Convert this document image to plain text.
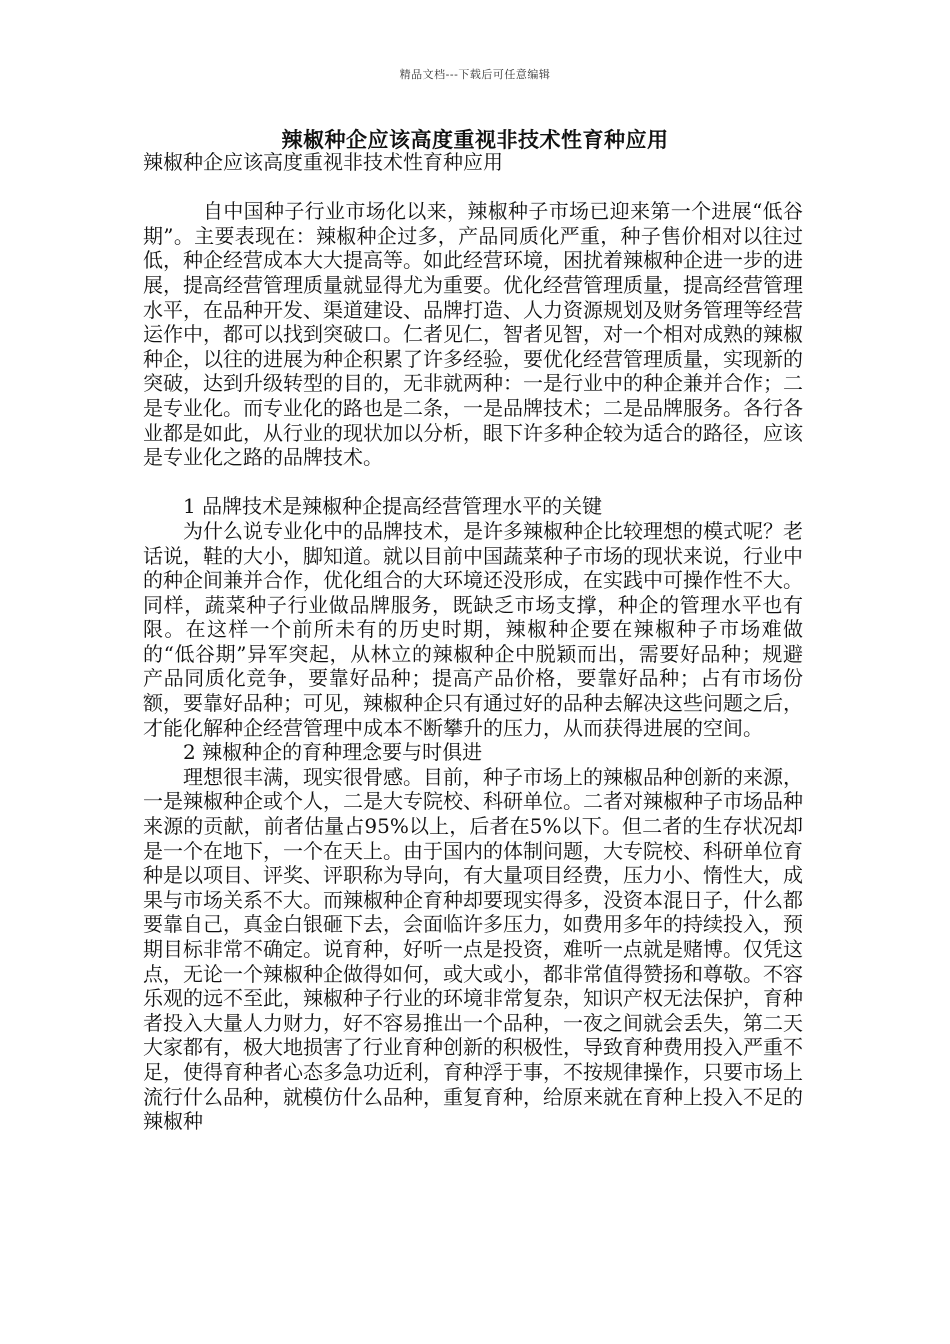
精品文档---下载后可任意编辑
辣椒种企应该高度重视非技术性育种应用

辣椒种企应该高度重视非技术性育种应用

自中国种子行业市场化以来，辣椒种子市场已迎来第一个进展“低谷期”。主要表现在：辣椒种企过多，产品同质化严重，种子售价相对以往过低，种企经营成本大大提高等。如此经营环境，困扰着辣椒种企进一步的进展，提高经营管理质量就显得尤为重要。优化经营管理质量，提高经营管理水平，在品种开发、渠道建设、品牌打造、人力资源规划及财务管理等经营运作中，都可以找到突破口。仁者见仁，智者见智，对一个相对成熟的辣椒种企，以往的进展为种企积累了许多经验，要优化经营管理质量，实现新的突破，达到升级转型的目的，无非就两种：一是行业中的种企兼并合作；二是专业化。而专业化的路也是二条，一是品牌技术；二是品牌服务。各行各业都是如此，从行业的现状加以分析，眼下许多种企较为适合的路径，应该是专业化之路的品牌技术。

1 品牌技术是辣椒种企提高经营管理水平的关键

为什么说专业化中的品牌技术，是许多辣椒种企比较理想的模式呢？老话说，鞋的大小，脚知道。就以目前中国蔬菜种子市场的现状来说，行业中的种企间兼并合作，优化组合的大环境还没形成，在实践中可操作性不大。同样，蔬菜种子行业做品牌服务，既缺乏市场支撑，种企的管理水平也有限。在这样一个前所未有的历史时期，辣椒种企要在辣椒种子市场难做的“低谷期”异军突起，从林立的辣椒种企中脱颖而出，需要好品种；规避产品同质化竞争，要靠好品种；提高产品价格，要靠好品种；占有市场份额，要靠好品种；可见，辣椒种企只有通过好的品种去解决这些问题之后，才能化解种企经营管理中成本不断攀升的压力，从而获得进展的空间。

2 辣椒种企的育种理念要与时俱进

理想很丰满，现实很骨感。目前，种子市场上的辣椒品种创新的来源，一是辣椒种企或个人，二是大专院校、科研单位。二者对辣椒种子市场品种来源的贡献，前者估量占95%以上，后者在5%以下。但二者的生存状况却是一个在地下，一个在天上。由于国内的体制问题，大专院校、科研单位育种是以项目、评奖、评职称为导向，有大量项目经费，压力小、惰性大，成果与市场关系不大。而辣椒种企育种却要现实得多，没资本混日子，什么都要靠自己，真金白银砸下去，会面临许多压力，如费用多年的持续投入，预期目标非常不确定。说育种，好听一点是投资，难听一点就是赌博。仅凭这点，无论一个辣椒种企做得如何，或大或小，都非常值得赞扬和尊敬。不容乐观的远不至此，辣椒种子行业的环境非常复杂，知识产权无法保护，育种者投入大量人力财力，好不容易推出一个品种，一夜之间就会丢失，第二天大家都有，极大地损害了行业育种创新的积极性，导致育种费用投入严重不足，使得育种者心态多急功近利，育种浮于事，不按规律操作，只要市场上流行什么品种，就模仿什么品种，重复育种，给原来就在育种上投入不足的辣椒种
